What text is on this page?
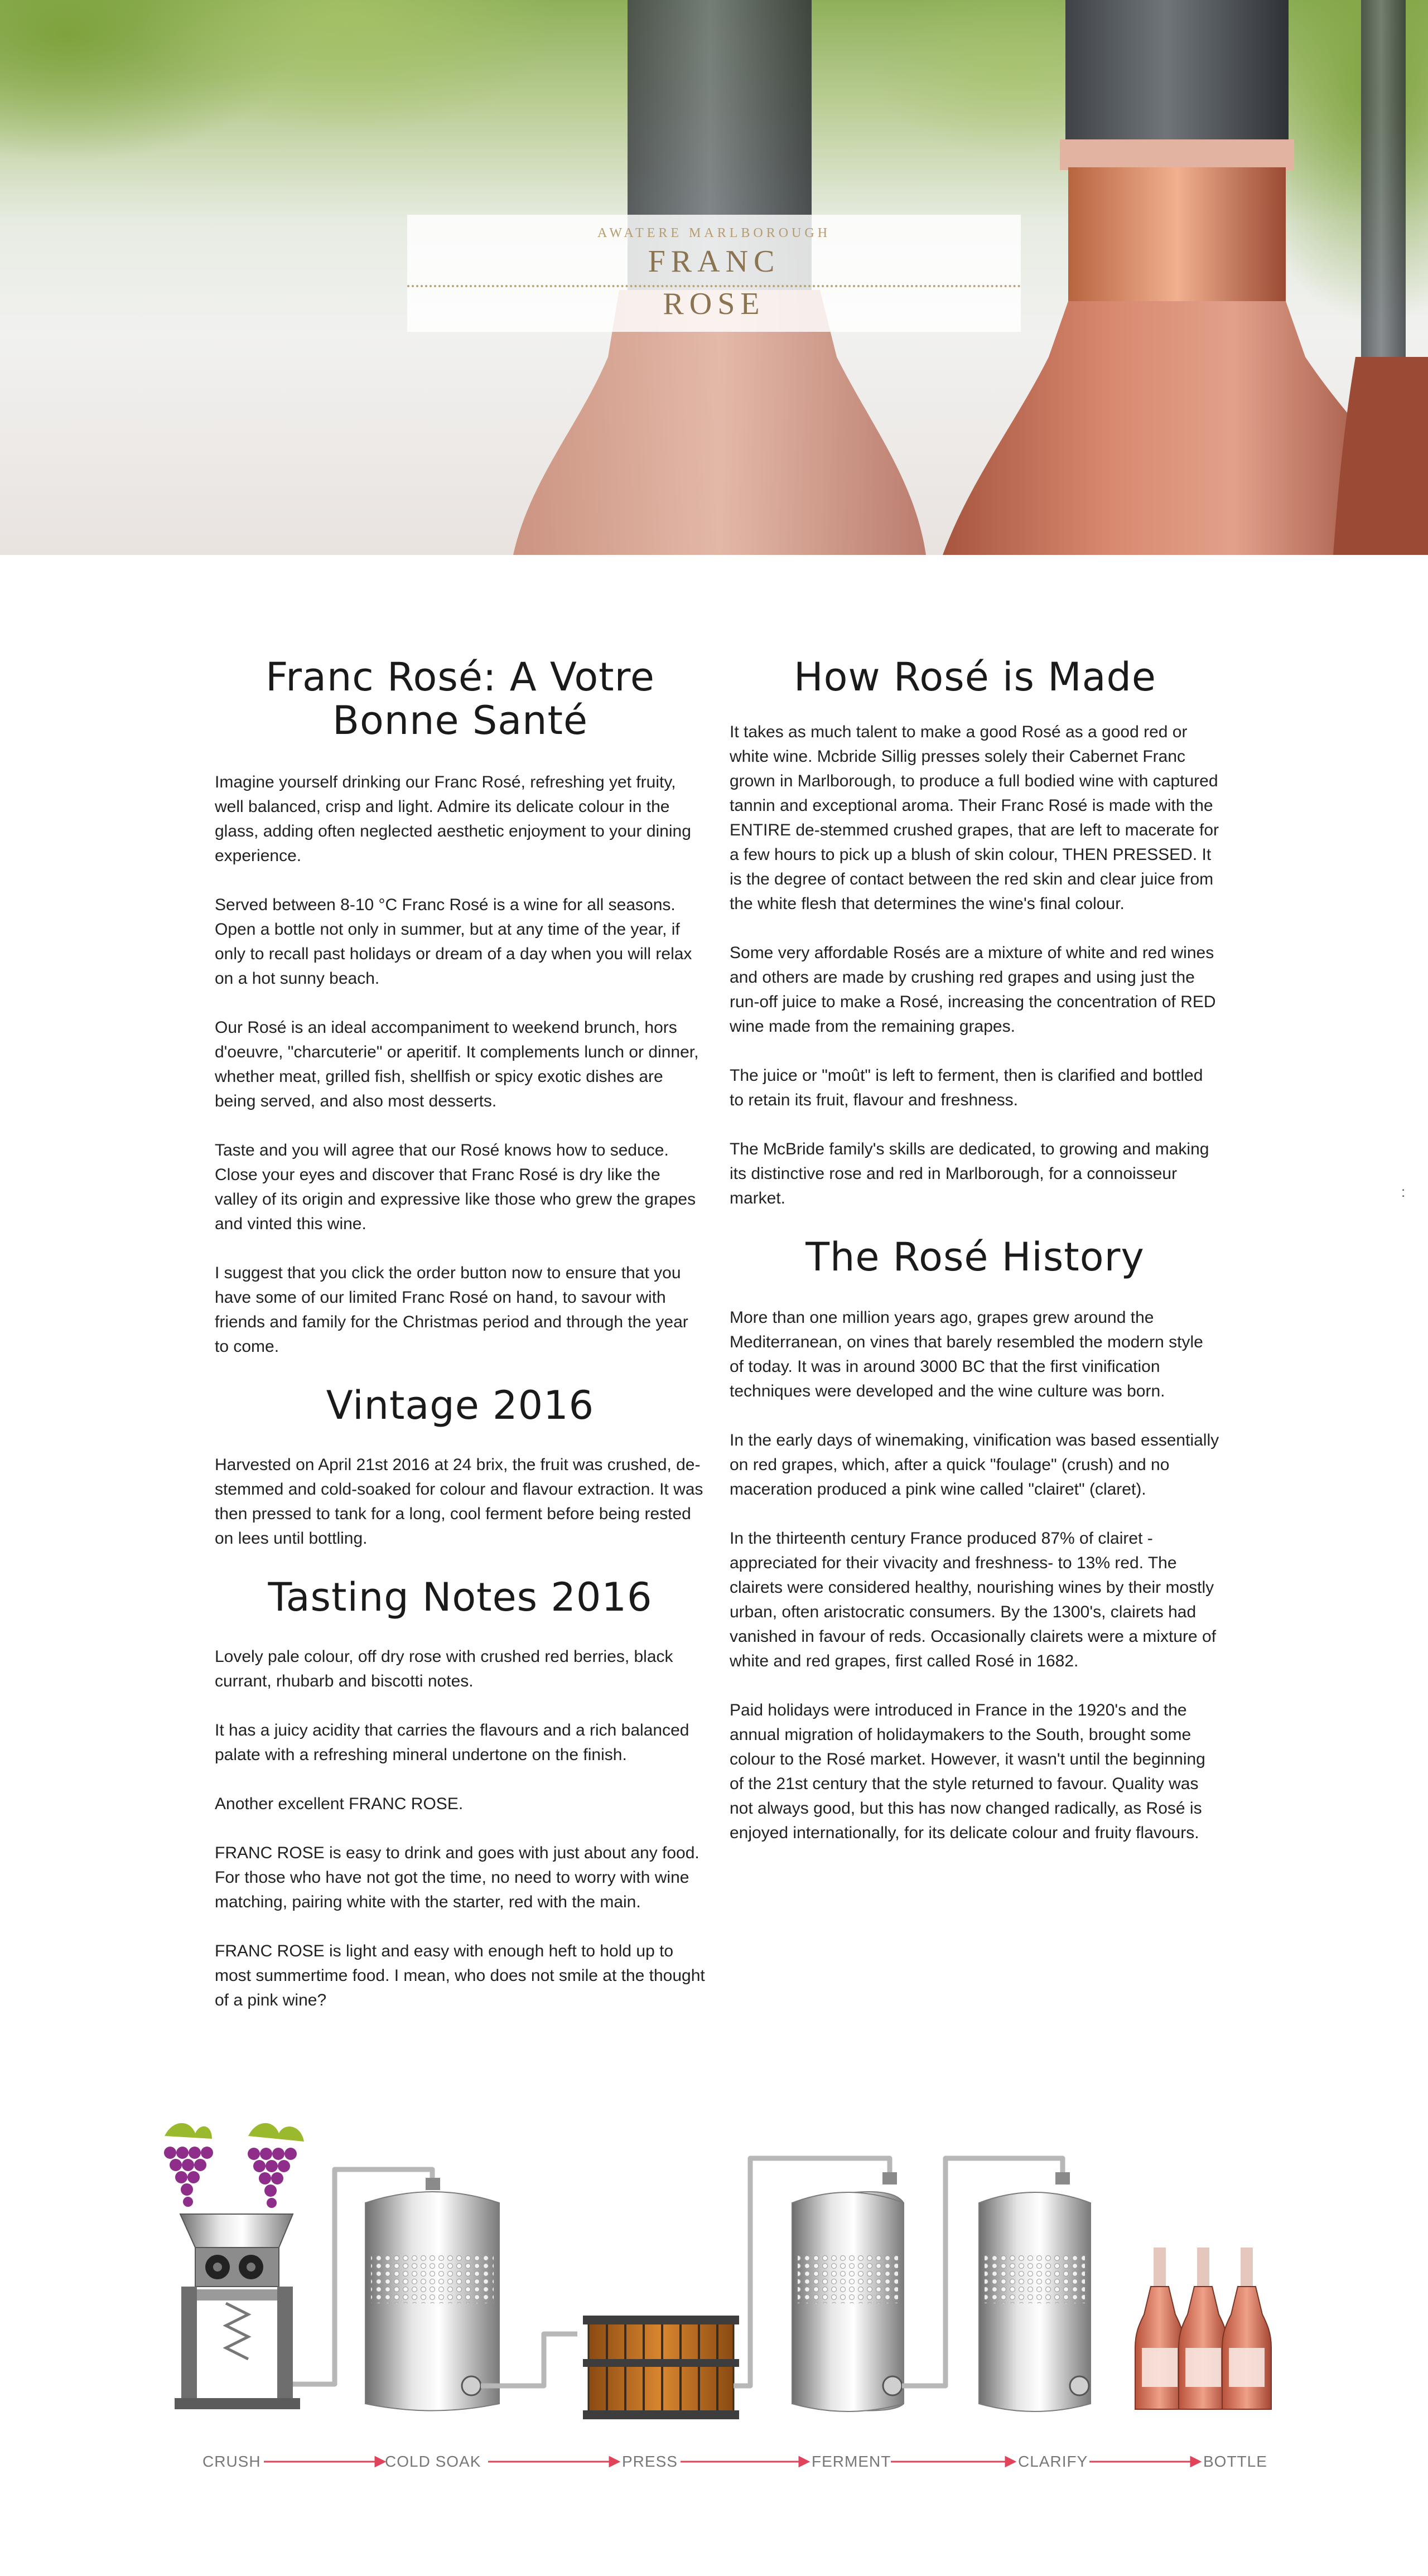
AWATERE MARLBOROUGH
FRANC
ROSE
Franc Rosé: A Votre Bonne Santé

Imagine yourself drinking our Franc Rosé, refreshing yet fruity, well balanced, crisp and light. Admire its delicate colour in the glass, adding often neglected aesthetic enjoyment to your dining experience.

Served between 8-10 °C Franc Rosé is a wine for all seasons. Open a bottle not only in summer, but at any time of the year, if only to recall past holidays or dream of a day when you will relax on a hot sunny beach.

Our Rosé is an ideal accompaniment to weekend brunch, hors d'oeuvre, "charcuterie" or aperitif. It complements lunch or dinner, whether meat, grilled fish, shellfish or spicy exotic dishes are being served, and also most desserts.

Taste and you will agree that our Rosé knows how to seduce. Close your eyes and discover that Franc Rosé is dry like the valley of its origin and expressive like those who grew the grapes and vinted this wine.

I suggest that you click the order button now to ensure that you have some of our limited Franc Rosé on hand, to savour with friends and family for the Christmas period and through the year to come.

Vintage 2016

Harvested on April 21st 2016 at 24 brix, the fruit was crushed, de-stemmed and cold-soaked for colour and flavour extraction. It was then pressed to tank for a long, cool ferment before being rested on lees until bottling.

Tasting Notes 2016

Lovely pale colour, off dry rose with crushed red berries, black currant, rhubarb and biscotti notes.

It has a juicy acidity that carries the flavours and a rich balanced palate with a refreshing mineral undertone on the finish.

Another excellent FRANC ROSE.

FRANC ROSE is easy to drink and goes with just about any food. For those who have not got the time, no need to worry with wine matching, pairing white with the starter, red with the main.

FRANC ROSE is light and easy with enough heft to hold up to most summertime food. I mean, who does not smile at the thought of a pink wine?

How Rosé is Made

It takes as much talent to make a good Rosé as a good red or white wine. Mcbride Sillig presses solely their Cabernet Franc grown in Marlborough, to produce a full bodied wine with captured tannin and exceptional aroma. Their Franc Rosé is made with the ENTIRE de-stemmed crushed grapes, that are left to macerate for a few hours to pick up a blush of skin colour, THEN PRESSED. It is the degree of contact between the red skin and clear juice from the white flesh that determines the wine's final colour.

Some very affordable Rosés are a mixture of white and red wines and others are made by crushing red grapes and using just the run-off juice to make a Rosé, increasing the concentration of RED wine made from the remaining grapes.

The juice or "moût" is left to ferment, then is clarified and bottled to retain its fruit, flavour and freshness.

The McBride family's skills are dedicated, to growing and making its distinctive rose and red in Marlborough, for a connoisseur market.

The Rosé History

More than one million years ago, grapes grew around the Mediterranean, on vines that barely resembled the modern style of today. It was in around 3000 BC that the first vinification techniques were developed and the wine culture was born.

In the early days of winemaking, vinification was based essentially on red grapes, which, after a quick "foulage" (crush) and no maceration produced a pink wine called "clairet" (claret).

In the thirteenth century France produced 87% of clairet - appreciated for their vivacity and freshness- to 13% red. The clairets were considered healthy, nourishing wines by their mostly urban, often aristocratic consumers. By the 1300's, clairets had vanished in favour of reds. Occasionally clairets were a mixture of white and red grapes, first called Rosé in 1682.

Paid holidays were introduced in France in the 1920's and the annual migration of holidaymakers to the South, brought some colour to the Rosé market. However, it wasn't until the beginning of the 21st century that the style returned to favour. Quality was not always good, but this has now changed radically, as Rosé is enjoyed internationally, for its delicate colour and fruity flavours.

:
CRUSH	COLD SOAK	PRESS	FERMENT	CLARIFY	BOTTLE
